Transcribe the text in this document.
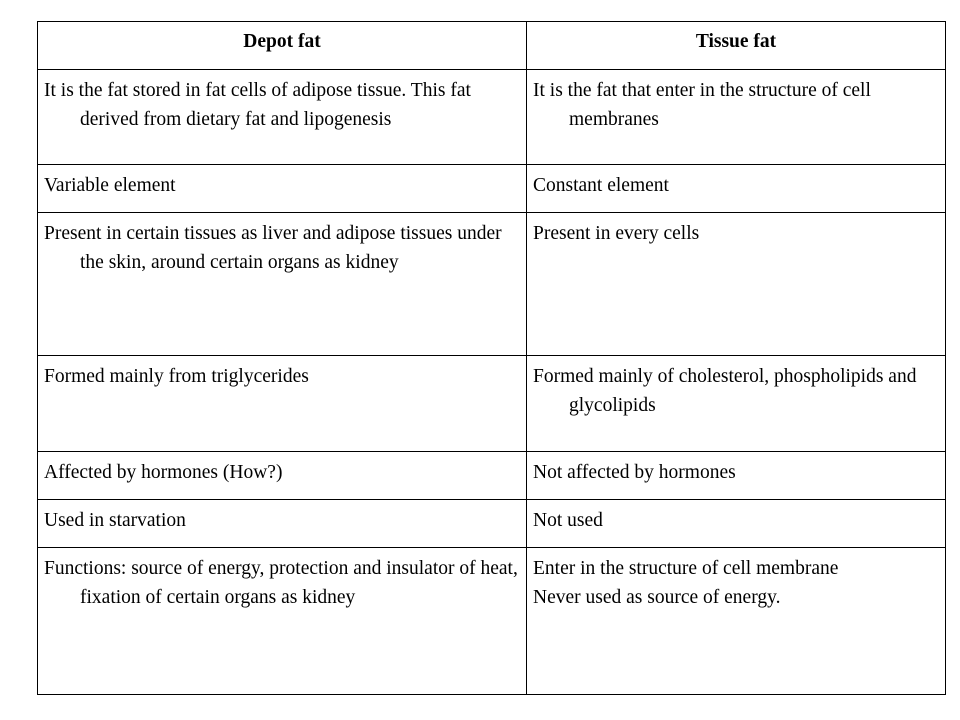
Depot fat	Tissue fat

It is the fat stored in fat cells of adipose tissue. This fat derived from dietary fat and lipogenesis	It is the fat that enter in the structure of cell membranes

Variable element	Constant element

Present in certain tissues as liver and adipose tissues under the skin, around certain organs as kidney	Present in every cells

Formed mainly from triglycerides	Formed mainly of cholesterol, phospholipids and glycolipids

Affected by hormones (How?)	Not affected by hormones

Used in starvation	Not used

Functions: source of energy, protection and insulator of heat, fixation of certain organs as kidney	Enter in the structure of cell membrane
Never used as source of energy.
